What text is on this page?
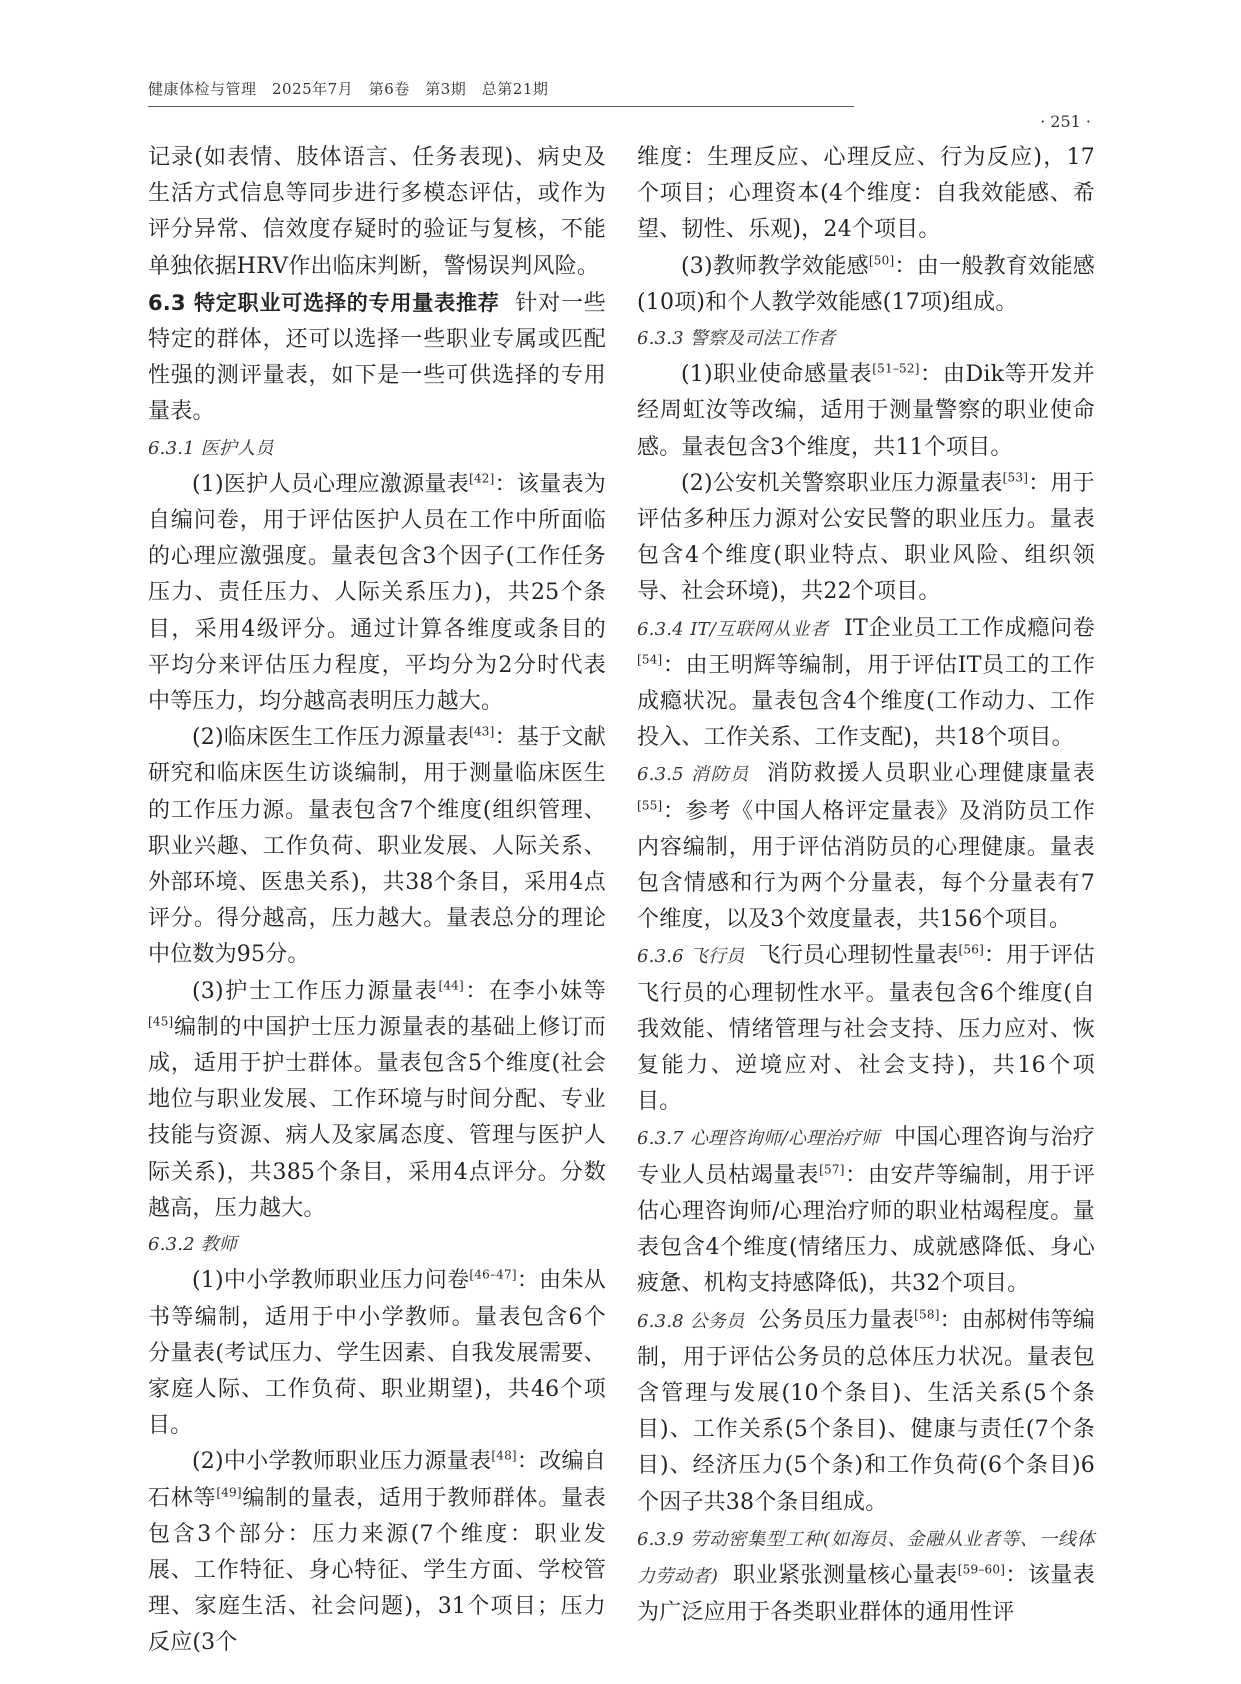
健康体检与管理　2025年7月　第6卷　第3期　总第21期
· 251 ·

记录(如表情、肢体语言、任务表现)、病史及生活方式信息等同步进行多模态评估，或作为评分异常、信效度存疑时的验证与复核，不能单独依据HRV作出临床判断，警惕误判风险。

6.3 特定职业可选择的专用量表推荐 针对一些特定的群体，还可以选择一些职业专属或匹配性强的测评量表，如下是一些可供选择的专用量表。

6.3.1 医护人员

(1)医护人员心理应激源量表[42]：该量表为自编问卷，用于评估医护人员在工作中所面临的心理应激强度。量表包含3个因子(工作任务压力、责任压力、人际关系压力)，共25个条目，采用4级评分。通过计算各维度或条目的平均分来评估压力程度，平均分为2分时代表中等压力，均分越高表明压力越大。

(2)临床医生工作压力源量表[43]：基于文献研究和临床医生访谈编制，用于测量临床医生的工作压力源。量表包含7个维度(组织管理、职业兴趣、工作负荷、职业发展、人际关系、外部环境、医患关系)，共38个条目，采用4点评分。得分越高，压力越大。量表总分的理论中位数为95分。

(3)护士工作压力源量表[44]：在李小妹等[45]编制的中国护士压力源量表的基础上修订而成，适用于护士群体。量表包含5个维度(社会地位与职业发展、工作环境与时间分配、专业技能与资源、病人及家属态度、管理与医护人际关系)，共385个条目，采用4点评分。分数越高，压力越大。

6.3.2 教师

(1)中小学教师职业压力问卷[46–47]：由朱从书等编制，适用于中小学教师。量表包含6个分量表(考试压力、学生因素、自我发展需要、家庭人际、工作负荷、职业期望)，共46个项目。

(2)中小学教师职业压力源量表[48]：改编自石林等[49]编制的量表，适用于教师群体。量表包含3个部分：压力来源(7个维度：职业发展、工作特征、身心特征、学生方面、学校管理、家庭生活、社会问题)，31个项目；压力反应(3个

维度：生理反应、心理反应、行为反应)，17个项目；心理资本(4个维度：自我效能感、希望、韧性、乐观)，24个项目。

(3)教师教学效能感[50]：由一般教育效能感(10项)和个人教学效能感(17项)组成。

6.3.3 警察及司法工作者

(1)职业使命感量表[51–52]：由Dik等开发并经周虹汝等改编，适用于测量警察的职业使命感。量表包含3个维度，共11个项目。

(2)公安机关警察职业压力源量表[53]：用于评估多种压力源对公安民警的职业压力。量表包含4个维度(职业特点、职业风险、组织领导、社会环境)，共22个项目。

6.3.4 IT/互联网从业者 IT企业员工工作成瘾问卷[54]：由王明辉等编制，用于评估IT员工的工作成瘾状况。量表包含4个维度(工作动力、工作投入、工作关系、工作支配)，共18个项目。

6.3.5 消防员 消防救援人员职业心理健康量表[55]：参考《中国人格评定量表》及消防员工作内容编制，用于评估消防员的心理健康。量表包含情感和行为两个分量表，每个分量表有7个维度，以及3个效度量表，共156个项目。

6.3.6 飞行员 飞行员心理韧性量表[56]：用于评估飞行员的心理韧性水平。量表包含6个维度(自我效能、情绪管理与社会支持、压力应对、恢复能力、逆境应对、社会支持)，共16个项目。

6.3.7 心理咨询师/心理治疗师 中国心理咨询与治疗专业人员枯竭量表[57]：由安芹等编制，用于评估心理咨询师/心理治疗师的职业枯竭程度。量表包含4个维度(情绪压力、成就感降低、身心疲惫、机构支持感降低)，共32个项目。

6.3.8 公务员 公务员压力量表[58]：由郝树伟等编制，用于评估公务员的总体压力状况。量表包含管理与发展(10个条目)、生活关系(5个条目)、工作关系(5个条目)、健康与责任(7个条目)、经济压力(5个条)和工作负荷(6个条目)6个因子共38个条目组成。

6.3.9 劳动密集型工种(如海员、金融从业者等、一线体力劳动者) 职业紧张测量核心量表[59–60]：该量表为广泛应用于各类职业群体的通用性评
